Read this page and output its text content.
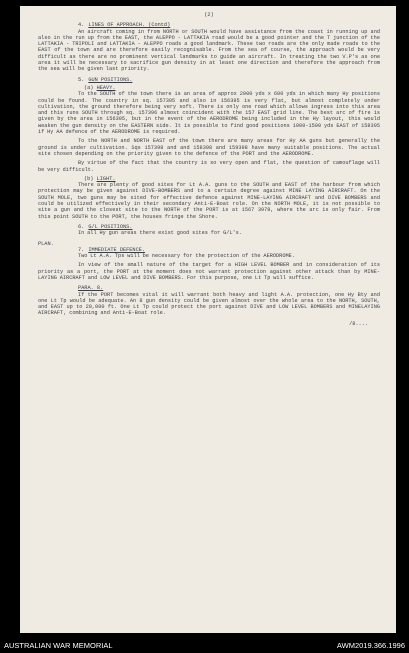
(2)
4. LINES OF APPROACH. (Contd)

An aircraft coming in from NORTH or SOUTH would have assistance from the coast in running up and also in the run up from the EAST, the ALEPPO - LATTAKIA road would be a good pointer and the T junction of the LATTAKIA - TRIPOLI and LATTAKIA - ALEPPO roads a good landmark. These two roads are the only made roads to the EAST of the town and are therefore easily recognisable. From the sea of course, the approach would be very difficult as there are no prominent vertical landmarks to guide an aircraft. In treating the two V.P's as one area it will be necessary to sacrifice gun density in at least one direction and therefore the approach from the sea will be given last priority.

5. GUN POSITIONS.
(a) HEAVY.

To the SOUTH of the town there is an area of approx 2000 yds x 600 yds in which many Hy positions could be found. The country in sq. 157395 and also in 156395 is very flat, but almost completely under cultivation, the ground therefore being very soft. There is only one road which allows ingress into this area and this runs SOUTH through sq. 157396 almost coincident with the 157 EAST grid line. The best arc of fire is given by the area in 156395, but in the event of the AERODROME being included in the Hy layout, this would weaken the gun density on the EASTERN side. It is possible to find good positions 1000-1500 yds EAST of 158395 if Hy AA defence of the AERODROME is required.

To the NORTH and NORTH EAST of the town there are many areas for Hy AA guns but generally the ground is under cultivation. Sqs 157398 and and 158398 and 159398 have many suitable positions. The actual site chosen depending on the priority given to the defence of the PORT and the AERODROME.

By virtue of the fact that the country is so very open and flat, the question of camouflage will be very difficult.

(b) LIGHT.

There are plenty of good sites for Lt A.A. guns to the SOUTH and EAST of the harbour from which protection may be given against DIVE-BOMBERS and to a certain degree against MINE LAYING AIRCRAFT. On the SOUTH MOLE, two guns may be sited for effective defence against MINE-LAYING AIRCRAFT and DIVE BOMBERS and could be utilized effectively in their secondary Anti-E-Boat role. On the NORTH MOLE, it is not possible to site a gun and the closest site to the NORTH of the PORT is at 1567 3978, where the arc is only fair. From this point SOUTH to the PORT, the houses fringe the Shore.

6. G/L POSITIONS.

In all Hy gun areas there exist good sites for G/L's.

PLAN.
7. IMMEDIATE DEFENCE.

Two Lt A.A. Tps will be necessary for the protection of the AERODROME.

In view of the small nature of the target for a HIGH LEVEL BOMBER and in consideration of its priority as a port, the PORT at the moment does not warrant protection against other attack than by MINE-LAYING AIRCRAFT and LOW LEVEL and DIVE BOMBERS. For this purpose, one Lt Tp will suffice.

PARA. 8.

If the PORT becomes vital it will warrant both heavy and light A.A. protection, one Hy Bty and one Lt Tp would be adequate. An 8 gun density could be given almost over the whole area to the NORTH, SOUTH, and EAST up to 20,000 ft. One Lt Tp could protect the port against DIVE and LOW LEVEL BOMBERS and MINELAYING AIRCRAFT, combining and Anti-E-Boat role.

/8....
AUSTRALIAN WAR MEMORIAL	AWM2019.366.1996
